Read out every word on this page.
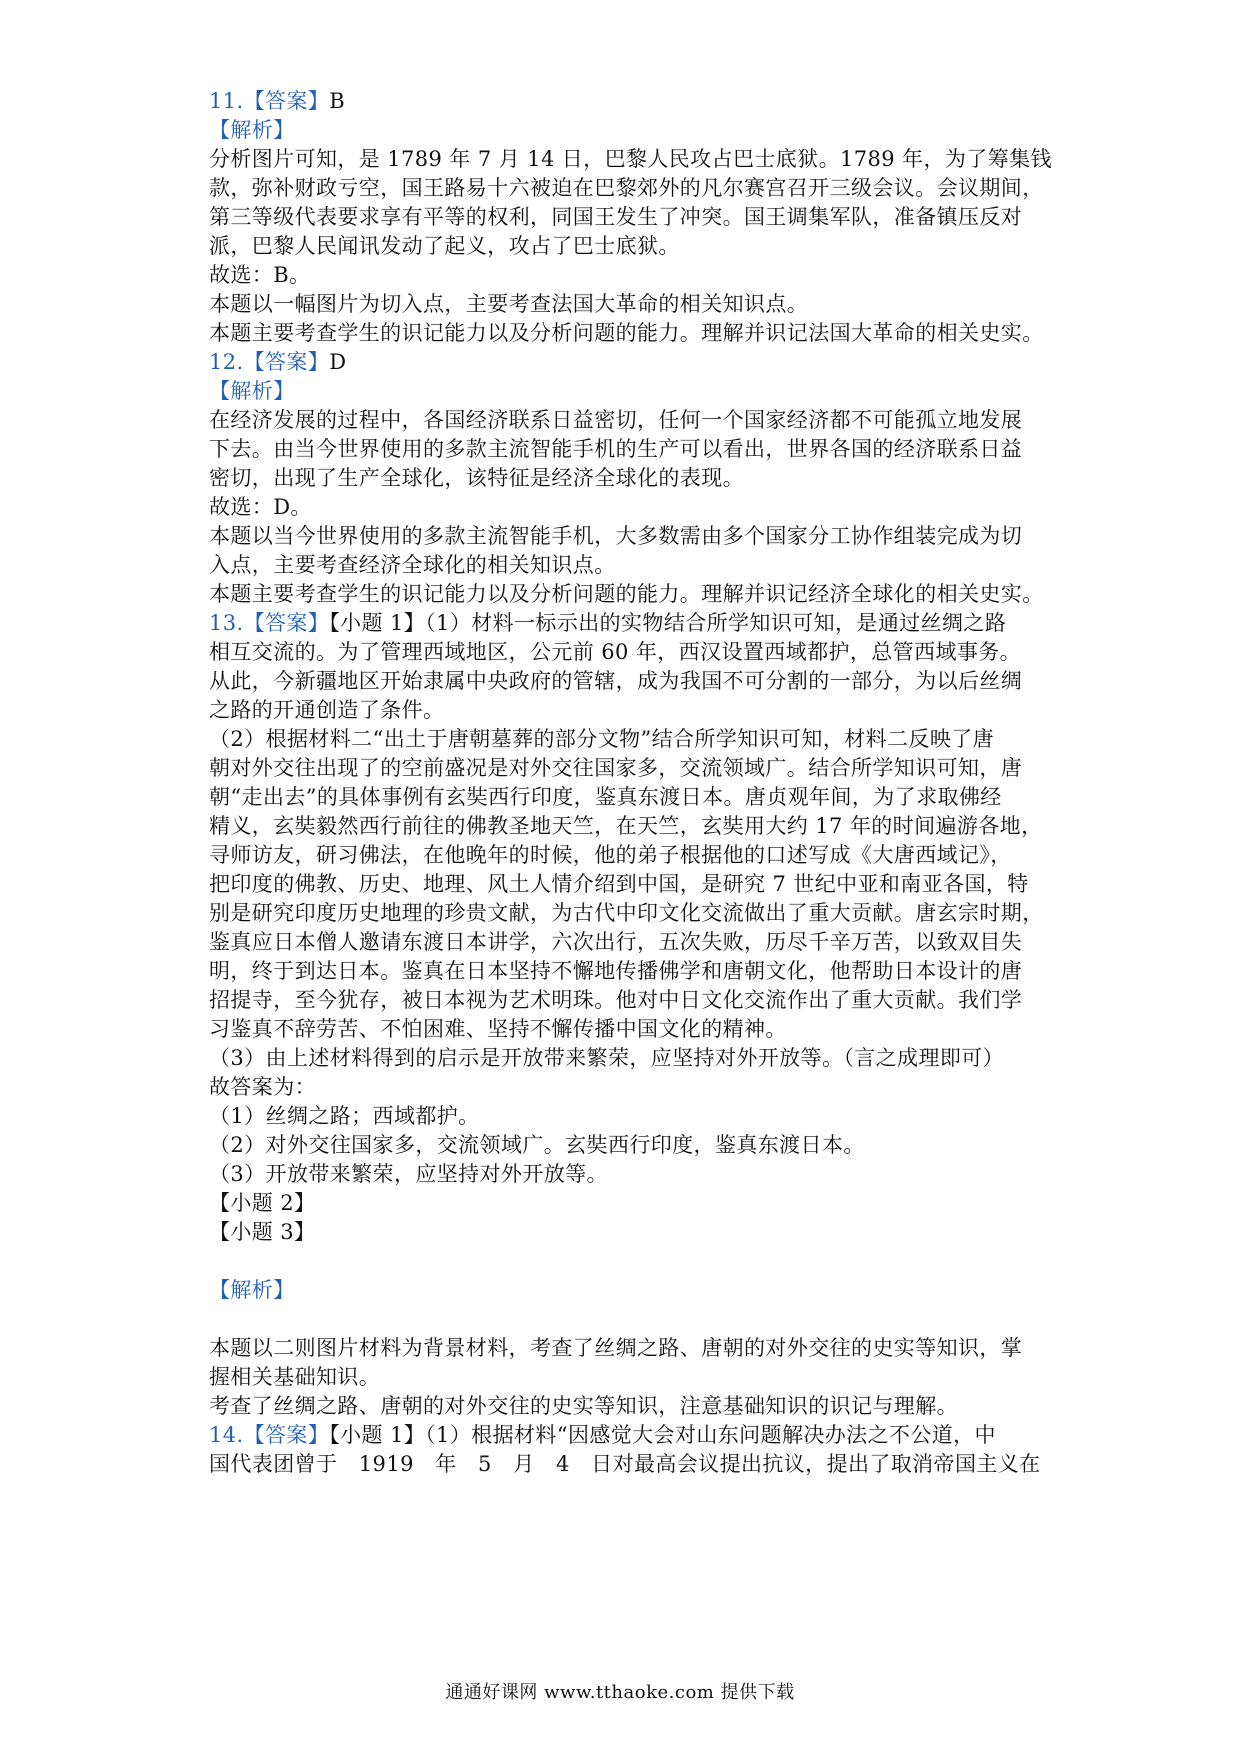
11.【答案】B
【解析】
分析图片可知，是 1789 年 7 月 14 日，巴黎人民攻占巴士底狱。1789 年，为了筹集钱
款，弥补财政亏空，国王路易十六被迫在巴黎郊外的凡尔赛宫召开三级会议。会议期间，
第三等级代表要求享有平等的权利，同国王发生了冲突。国王调集军队，准备镇压反对
派，巴黎人民闻讯发动了起义，攻占了巴士底狱。
故选：B。
本题以一幅图片为切入点，主要考查法国大革命的相关知识点。
本题主要考查学生的识记能力以及分析问题的能力。理解并识记法国大革命的相关史实。
12.【答案】D
【解析】
在经济发展的过程中，各国经济联系日益密切，任何一个国家经济都不可能孤立地发展
下去。由当今世界使用的多款主流智能手机的生产可以看出，世界各国的经济联系日益
密切，出现了生产全球化，该特征是经济全球化的表现。
故选：D。
本题以当今世界使用的多款主流智能手机，大多数需由多个国家分工协作组装完成为切
入点，主要考查经济全球化的相关知识点。
本题主要考查学生的识记能力以及分析问题的能力。理解并识记经济全球化的相关史实。
13.【答案】【小题 1】（1）材料一标示出的实物结合所学知识可知，是通过丝绸之路
相互交流的。为了管理西域地区，公元前 60 年，西汉设置西域都护，总管西域事务。
从此，今新疆地区开始隶属中央政府的管辖，成为我国不可分割的一部分，为以后丝绸
之路的开通创造了条件。
（2）根据材料二“出土于唐朝墓葬的部分文物”结合所学知识可知，材料二反映了唐
朝对外交往出现了的空前盛况是对外交往国家多，交流领域广。结合所学知识可知，唐
朝“走出去”的具体事例有玄奘西行印度，鉴真东渡日本。唐贞观年间，为了求取佛经
精义，玄奘毅然西行前往的佛教圣地天竺，在天竺，玄奘用大约 17 年的时间遍游各地，
寻师访友，研习佛法，在他晚年的时候，他的弟子根据他的口述写成《大唐西域记》，
把印度的佛教、历史、地理、风土人情介绍到中国，是研究 7 世纪中亚和南亚各国，特
别是研究印度历史地理的珍贵文献，为古代中印文化交流做出了重大贡献。唐玄宗时期，
鉴真应日本僧人邀请东渡日本讲学，六次出行，五次失败，历尽千辛万苦，以致双目失
明，终于到达日本。鉴真在日本坚持不懈地传播佛学和唐朝文化，他帮助日本设计的唐
招提寺，至今犹存，被日本视为艺术明珠。他对中日文化交流作出了重大贡献。我们学
习鉴真不辞劳苦、不怕困难、坚持不懈传播中国文化的精神。
（3）由上述材料得到的启示是开放带来繁荣，应坚持对外开放等。（言之成理即可）
故答案为：
（1）丝绸之路；西域都护。
（2）对外交往国家多，交流领域广。玄奘西行印度，鉴真东渡日本。
（3）开放带来繁荣，应坚持对外开放等。
【小题 2】
【小题 3】
【解析】
本题以二则图片材料为背景材料，考查了丝绸之路、唐朝的对外交往的史实等知识，掌
握相关基础知识。
考查了丝绸之路、唐朝的对外交往的史实等知识，注意基础知识的识记与理解。
14.【答案】【小题 1】（1）根据材料“因感觉大会对山东问题解决办法之不公道，中
国代表团曾于　1919　年　5　月　4　日对最高会议提出抗议，提出了取消帝国主义在
通通好课网 www.tthaoke.com 提供下载
